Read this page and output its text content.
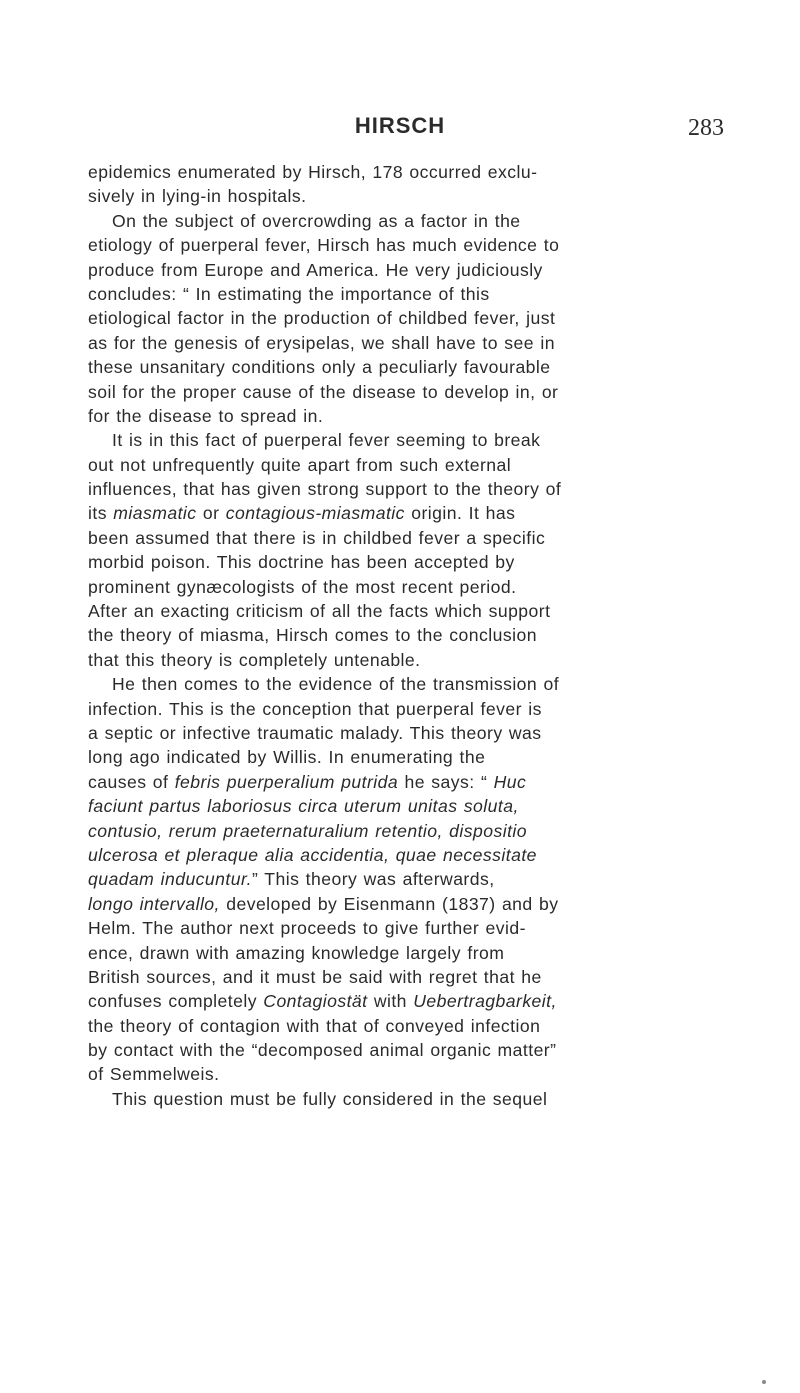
HIRSCH	283
epidemics enumerated by Hirsch, 178 occurred exclu-
sively in lying-in hospitals.
On the subject of overcrowding as a factor in the
etiology of puerperal fever, Hirsch has much evidence to
produce from Europe and America. He very judiciously
concludes: “ In estimating the importance of this
etiological factor in the production of childbed fever, just
as for the genesis of erysipelas, we shall have to see in
these unsanitary conditions only a peculiarly favourable
soil for the proper cause of the disease to develop in, or
for the disease to spread in.
It is in this fact of puerperal fever seeming to break
out not unfrequently quite apart from such external
influences, that has given strong support to the theory of
its miasmatic or contagious-miasmatic origin. It has
been assumed that there is in childbed fever a specific
morbid poison. This doctrine has been accepted by
prominent gynæcologists of the most recent period.
After an exacting criticism of all the facts which support
the theory of miasma, Hirsch comes to the conclusion
that this theory is completely untenable.
He then comes to the evidence of the transmission of
infection. This is the conception that puerperal fever is
a septic or infective traumatic malady. This theory was
long ago indicated by Willis. In enumerating the
causes of febris puerperalium putrida he says: “ Huc
faciunt partus laboriosus circa uterum unitas soluta,
contusio, rerum praeternaturalium retentio, dispositio
ulcerosa et pleraque alia accidentia, quae necessitate
quadam inducuntur.” This theory was afterwards,
longo intervallo, developed by Eisenmann (1837) and by
Helm. The author next proceeds to give further evid-
ence, drawn with amazing knowledge largely from
British sources, and it must be said with regret that he
confuses completely Contagiostät with Uebertragbarkeit,
the theory of contagion with that of conveyed infection
by contact with the “decomposed animal organic matter”
of Semmelweis.
This question must be fully considered in the sequel
